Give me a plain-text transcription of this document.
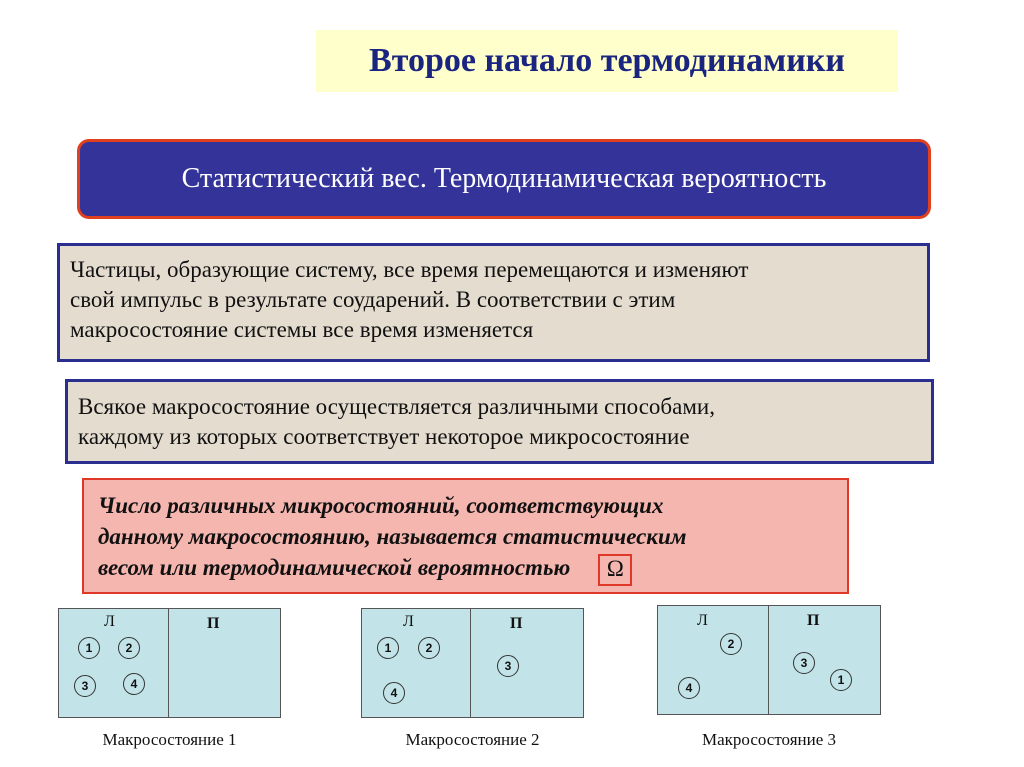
Второе начало термодинамики
Статистический вес. Термодинамическая вероятность
Частицы, образующие систему, все время перемещаются и изменяют
свой импульс в результате соударений. В соответствии с этим
макросостояние системы все время изменяется
Всякое макросостояние осуществляется различными способами,
каждому из которых соответствует некоторое микросостояние
Число различных микросостояний, соответствующих
данному макросостоянию, называется статистическим
весом или термодинамической вероятностью Ω
Л	П
1	2
3	4
Макросостояние 1
Л	П
1	2
4
3
Макросостояние 2
Л	П
2
4
3
1
Макросостояние 3
